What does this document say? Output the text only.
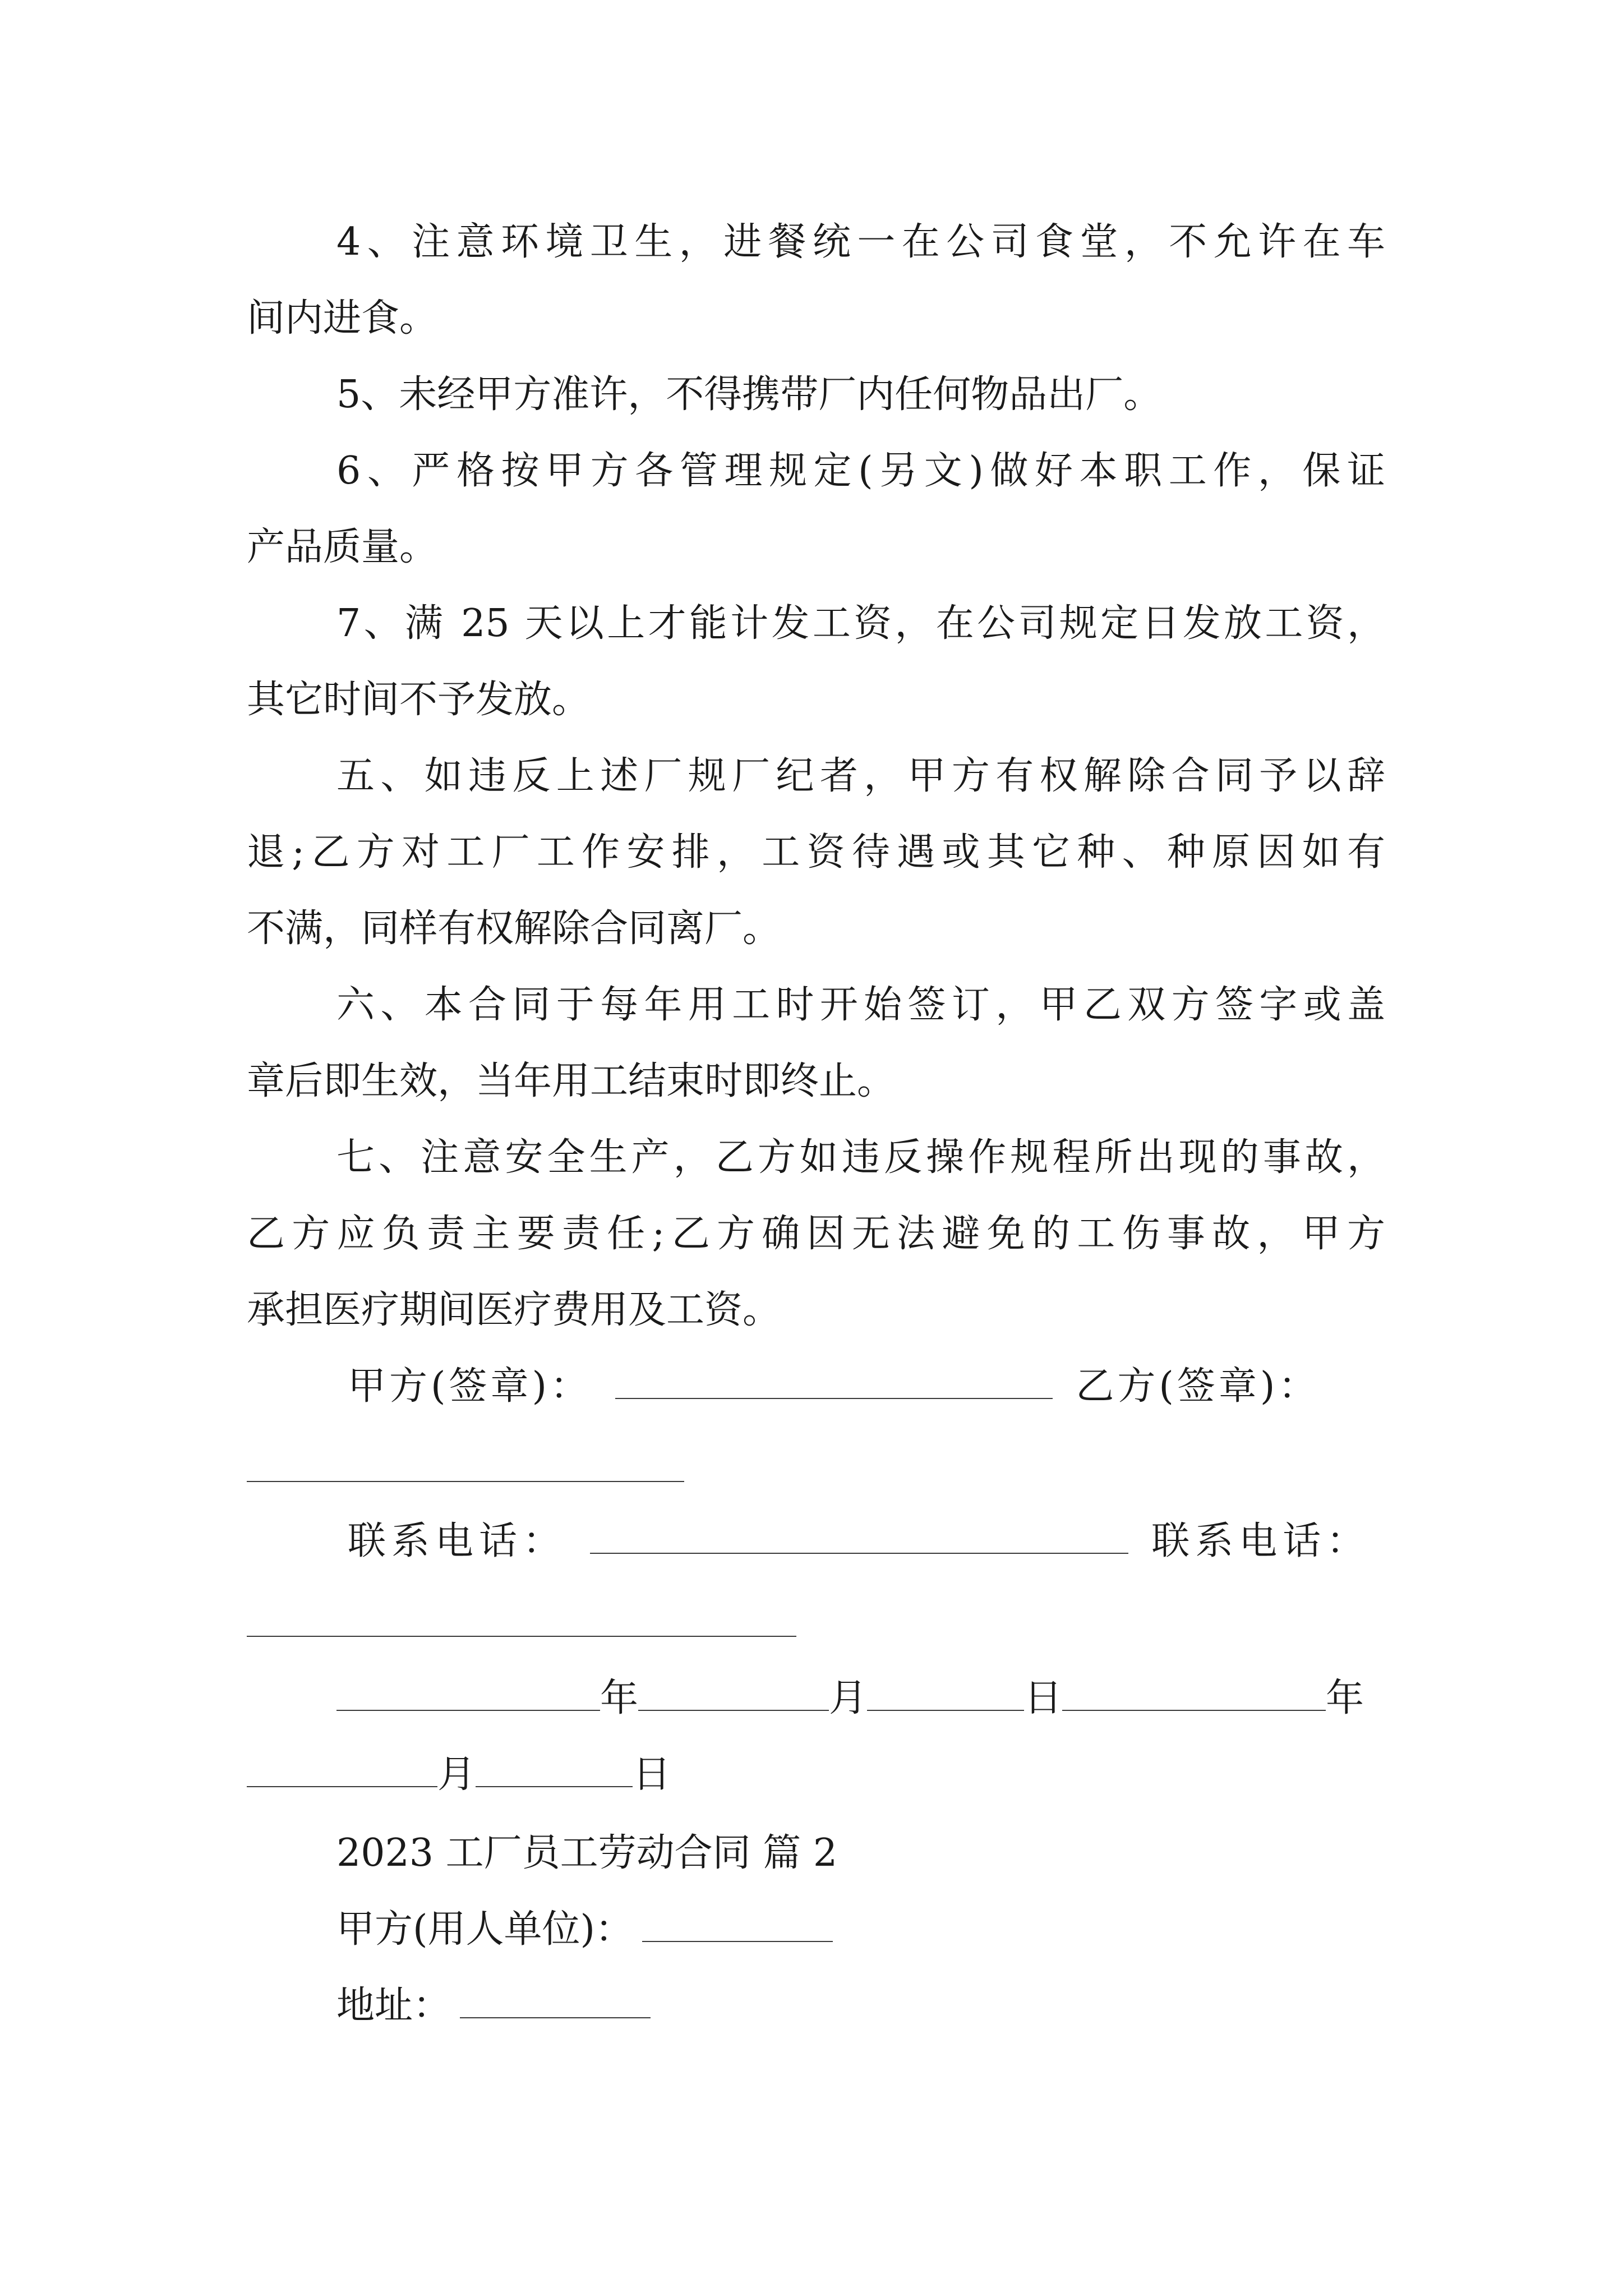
4、注意环境卫生，进餐统一在公司食堂，不允许在车
间内进食。
5、未经甲方准许，不得携带厂内任何物品出厂。
6、严格按甲方各管理规定(另文)做好本职工作，保证
产品质量。
7、满 25 天以上才能计发工资，在公司规定日发放工资，
其它时间不予发放。
五、如违反上述厂规厂纪者，甲方有权解除合同予以辞
退;乙方对工厂工作安排，工资待遇或其它种、种原因如有
不满，同样有权解除合同离厂。
六、本合同于每年用工时开始签订，甲乙双方签字或盖
章后即生效，当年用工结束时即终止。
七、注意安全生产，乙方如违反操作规程所出现的事故，
乙方应负责主要责任;乙方确因无法避免的工伤事故，甲方
承担医疗期间医疗费用及工资。
甲方(签章)：	乙方(签章)：
联系电话：	联系电话：
年	月	日	年
月	日
2023 工厂员工劳动合同 篇 2
甲方(用人单位)：
地址：
